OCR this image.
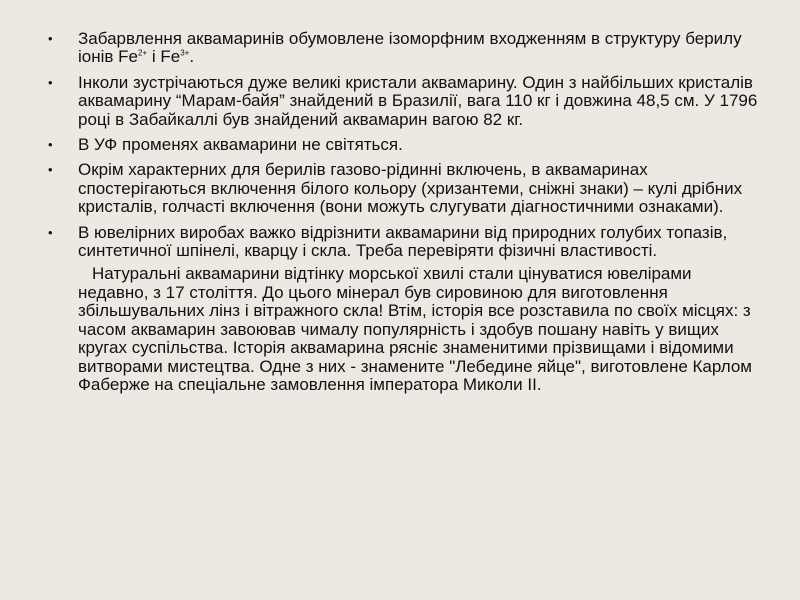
• Забарвлення аквамаринів обумовлене ізоморфним входженням в структуру берилу іонів $Fe^{2+}$ і $Fe^{3+}$.
• Інколи зустрічаються дуже великі кристали аквамарину. Один з найбільших кристалів аквамарину “Марам-байя” знайдений в Бразилії, вага 110 кг і довжина 48,5 см. У 1796 році в Забайкаллі був знайдений аквамарин вагою 82 кг.
• В УФ променях аквамарини не світяться.
• Окрім характерних для берилів газово-рідинні включень, в аквамаринах спостерігаються включення білого кольору (хризантеми, сніжні знаки) – кулі дрібних кристалів, голчасті включення (вони можуть слугувати діагностичними ознаками).
• В ювелірних виробах важко відрізнити аквамарини від природних голубих топазів, синтетичної шпінелі, кварцу і скла. Треба перевіряти фізичні властивості.

Натуральні аквамарини відтінку морської хвилі стали цінуватися ювелірами недавно, з 17 століття. До цього мінерал був сировиною для виготовлення збільшувальних лінз і вітражного скла! Втім, історія все розставила по своїх місцях: з часом аквамарин завоював чималу популярність і здобув пошану навіть у вищих кругах суспільства. Історія аквамарина рясніє знаменитими прізвищами і відомими витворами мистецтва. Одне з них - знамените "Лебедине яйце", виготовлене Карлом Фаберже на спеціальне замовлення імператора Миколи II.
